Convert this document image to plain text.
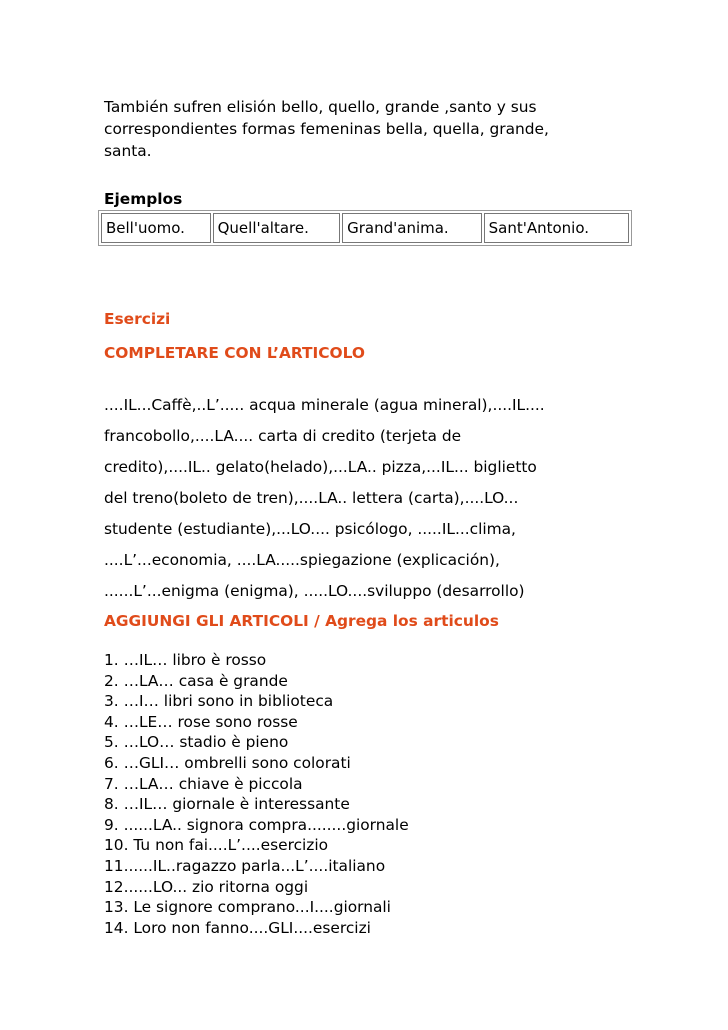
También sufren elisión bello, quello, grande ,santo y sus

correspondientes formas femeninas bella, quella, grande,

santa.

Ejemplos
Bell'uomo.	Quell'altare.	Grand'anima.	Sant'Antonio.
Esercizi
COMPLETARE CON L’ARTICOLO

....IL...Caffè,..L’..... acqua minerale (agua mineral),....IL....

francobollo,....LA.... carta di credito (terjeta de

credito),....IL.. gelato(helado),...LA.. pizza,...IL... biglietto

del treno(boleto de tren),....LA.. lettera (carta),....LO...

studente (estudiante),...LO.... psicólogo, .....IL...clima,

....L’...economia, ....LA.....spiegazione (explicación),

......L’...enigma (enigma), .....LO....sviluppo (desarrollo)

AGGIUNGI GLI ARTICOLI / Agrega los articulos
1. …IL… libro è rosso
2. …LA… casa è grande
3. …I… libri sono in biblioteca
4. …LE… rose sono rosse
5. …LO… stadio è pieno
6. …GLI… ombrelli sono colorati
7. …LA… chiave è piccola
8. …IL… giornale è interessante
9. ......LA.. signora compra........giornale
10. Tu non fai....L’....esercizio
11......IL..ragazzo parla...L’....italiano
12......LO... zio ritorna oggi
13. Le signore comprano...I....giornali
14. Loro non fanno....GLI....esercizi
